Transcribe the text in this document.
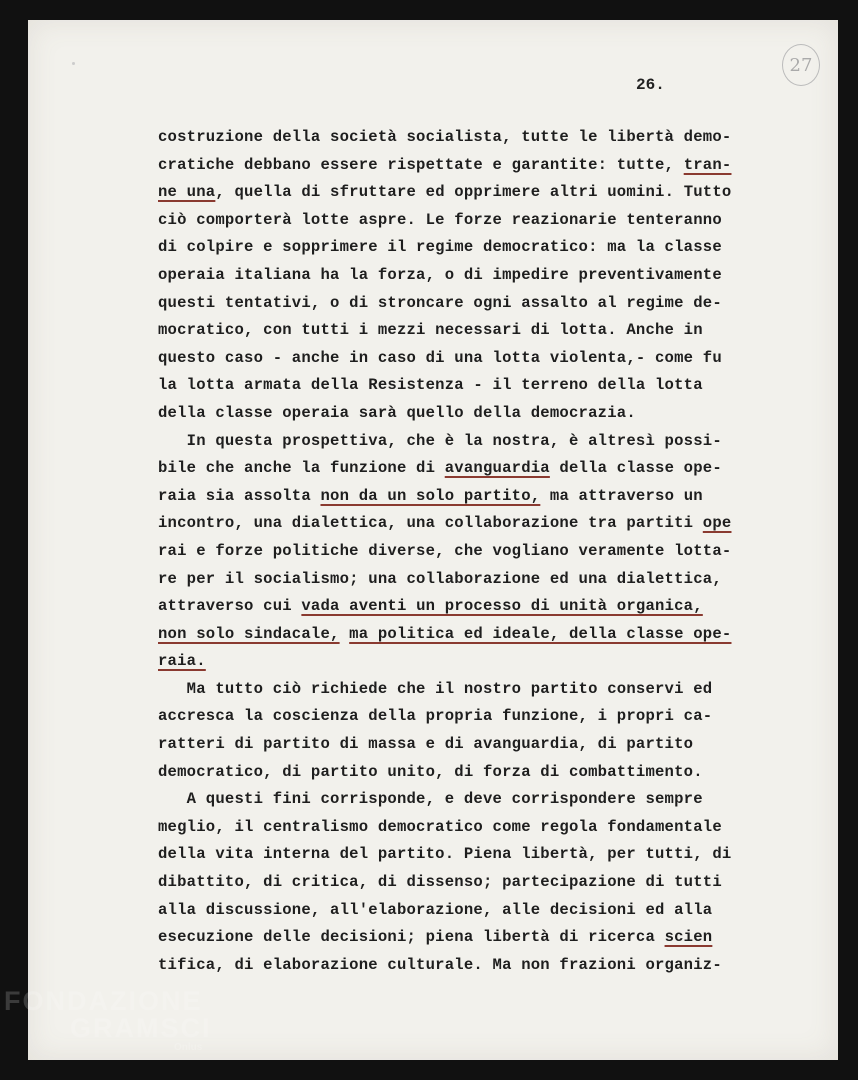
26.
27
costruzione della società socialista, tutte le libertà demo-
cratiche debbano essere rispettate e garantite: tutte, tran-
ne una, quella di sfruttare ed opprimere altri uomini. Tutto
ciò comporterà lotte aspre. Le forze reazionarie tenteranno
di colpire e sopprimere il regime democratico: ma la classe
operaia italiana ha la forza, o di impedire preventivamente
questi tentativi, o di stroncare ogni assalto al regime de-
mocratico, con tutti i mezzi necessari di lotta. Anche in
questo caso - anche in caso di una lotta violenta,- come fu
la lotta armata della Resistenza - il terreno della lotta
della classe operaia sarà quello della democrazia.
In questa prospettiva, che è la nostra, è altresì possi-
bile che anche la funzione di avanguardia della classe ope-
raia sia assolta non da un solo partito, ma attraverso un
incontro, una dialettica, una collaborazione tra partiti ope
rai e forze politiche diverse, che vogliano veramente lotta-
re per il socialismo; una collaborazione ed una dialettica,
attraverso cui vada aventi un processo di unità organica,
non solo sindacale, ma politica ed ideale, della classe ope-
raia.
Ma tutto ciò richiede che il nostro partito conservi ed
accresca la coscienza della propria funzione, i propri ca-
ratteri di partito di massa e di avanguardia, di partito
democratico, di partito unito, di forza di combattimento.
A questi fini corrisponde, e deve corrispondere sempre
meglio, il centralismo democratico come regola fondamentale
della vita interna del partito. Piena libertà, per tutti, di
dibattito, di critica, di dissenso; partecipazione di tutti
alla discussione, all'elaborazione, alle decisioni ed alla
esecuzione delle decisioni; piena libertà di ricerca scien
tifica, di elaborazione culturale. Ma non frazioni organiz-
FONDAZIONE
GRAMSCI
Onlus
